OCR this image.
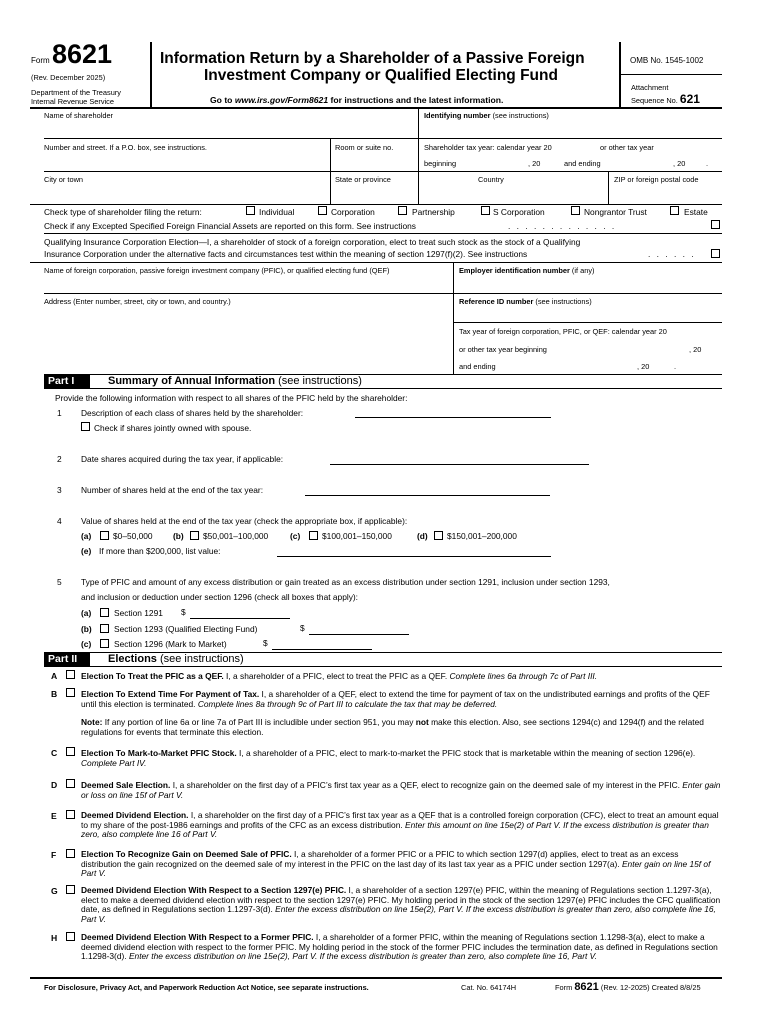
Form 8621
(Rev. December 2025)
Department of the Treasury
Internal Revenue Service
Information Return by a Shareholder of a Passive Foreign
Investment Company or Qualified Electing Fund
Go to www.irs.gov/Form8621 for instructions and the latest information.
OMB No. 1545-1002
Attachment
Sequence No. 621
Name of shareholder	Identifying number (see instructions)
Number and street. If a P.O. box, see instructions.	Room or suite no.	Shareholder tax year: calendar year 20	or other tax year
beginning	, 20	and ending	, 20	.
City or town	State or province	Country	ZIP or foreign postal code
Check type of shareholder filing the return:	Individual	Corporation	Partnership	S Corporation	Nongrantor Trust	Estate
Check if any Excepted Specified Foreign Financial Assets are reported on this form. See instructions	. . . . . . . . . . . . .
Qualifying Insurance Corporation Election—I, a shareholder of stock of a foreign corporation, elect to treat such stock as the stock of a Qualifying
Insurance Corporation under the alternative facts and circumstances test within the meaning of section 1297(f)(2). See instructions	. . . . . .
Name of foreign corporation, passive foreign investment company (PFIC), or qualified electing fund (QEF)	Employer identification number (if any)
Address (Enter number, street, city or town, and country.)	Reference ID number (see instructions)
Tax year of foreign corporation, PFIC, or QEF: calendar year 20
or other tax year beginning	, 20
and ending	, 20	.
Part I	Summary of Annual Information (see instructions)
Provide the following information with respect to all shares of the PFIC held by the shareholder:
1 Description of each class of shares held by the shareholder:
Check if shares jointly owned with spouse.
2 Date shares acquired during the tax year, if applicable:
3 Number of shares held at the end of the tax year:
4 Value of shares held at the end of the tax year (check the appropriate box, if applicable):
(a)	$0–50,000 (b) $50,001–100,000	(c)	$100,001–150,000	(d) $150,001–200,000
(e) If more than $200,000, list value:
5 Type of PFIC and amount of any excess distribution or gain treated as an excess distribution under section 1291, inclusion under section 1293,
and inclusion or deduction under section 1296 (check all boxes that apply):
(a)	Section 1291 $
(b)	Section 1293 (Qualified Electing Fund)	$
(c)	Section 1296 (Mark to Market)	$
Part II	Elections (see instructions)
A	Election To Treat the PFIC as a QEF. I, a shareholder of a PFIC, elect to treat the PFIC as a QEF. Complete lines 6a through 7c of Part III.
B	Election To Extend Time For Payment of Tax. I, a shareholder of a QEF, elect to extend the time for payment of tax on the undistributed earnings and profits of the QEF until this election is terminated. Complete lines 8a through 9c of Part III to calculate the tax that may be deferred.
Note: If any portion of line 6a or line 7a of Part III is includible under section 951, you may not make this election. Also, see sections 1294(c) and 1294(f) and the related regulations for events that terminate this election.
C	Election To Mark-to-Market PFIC Stock. I, a shareholder of a PFIC, elect to mark-to-market the PFIC stock that is marketable within the meaning of section 1296(e). Complete Part IV.
D	Deemed Sale Election. I, a shareholder on the first day of a PFIC’s first tax year as a QEF, elect to recognize gain on the deemed sale of my interest in the PFIC. Enter gain or loss on line 15f of Part V.
E	Deemed Dividend Election. I, a shareholder on the first day of a PFIC’s first tax year as a QEF that is a controlled foreign corporation (CFC), elect to treat an amount equal to my share of the post-1986 earnings and profits of the CFC as an excess distribution. Enter this amount on line 15e(2) of Part V. If the excess distribution is greater than zero, also complete line 16 of Part V.
F	Election To Recognize Gain on Deemed Sale of PFIC. I, a shareholder of a former PFIC or a PFIC to which section 1297(d) applies, elect to treat as an excess distribution the gain recognized on the deemed sale of my interest in the PFIC on the last day of its last tax year as a PFIC under section 1297(a). Enter gain on line 15f of Part V.
G	Deemed Dividend Election With Respect to a Section 1297(e) PFIC. I, a shareholder of a section 1297(e) PFIC, within the meaning of Regulations section 1.1297-3(a), elect to make a deemed dividend election with respect to the section 1297(e) PFIC. My holding period in the stock of the section 1297(e) PFIC includes the CFC qualification date, as defined in Regulations section 1.1297-3(d). Enter the excess distribution on line 15e(2), Part V. If the excess distribution is greater than zero, also complete line 16, Part V.
H	Deemed Dividend Election With Respect to a Former PFIC. I, a shareholder of a former PFIC, within the meaning of Regulations section 1.1298-3(a), elect to make a deemed dividend election with respect to the former PFIC. My holding period in the stock of the former PFIC includes the termination date, as defined in Regulations section 1.1298-3(d). Enter the excess distribution on line 15e(2), Part V. If the excess distribution is greater than zero, also complete line 16, Part V.
For Disclosure, Privacy Act, and Paperwork Reduction Act Notice, see separate instructions.	Cat. No. 64174H	Form 8621 (Rev. 12-2025) Created 8/8/25
